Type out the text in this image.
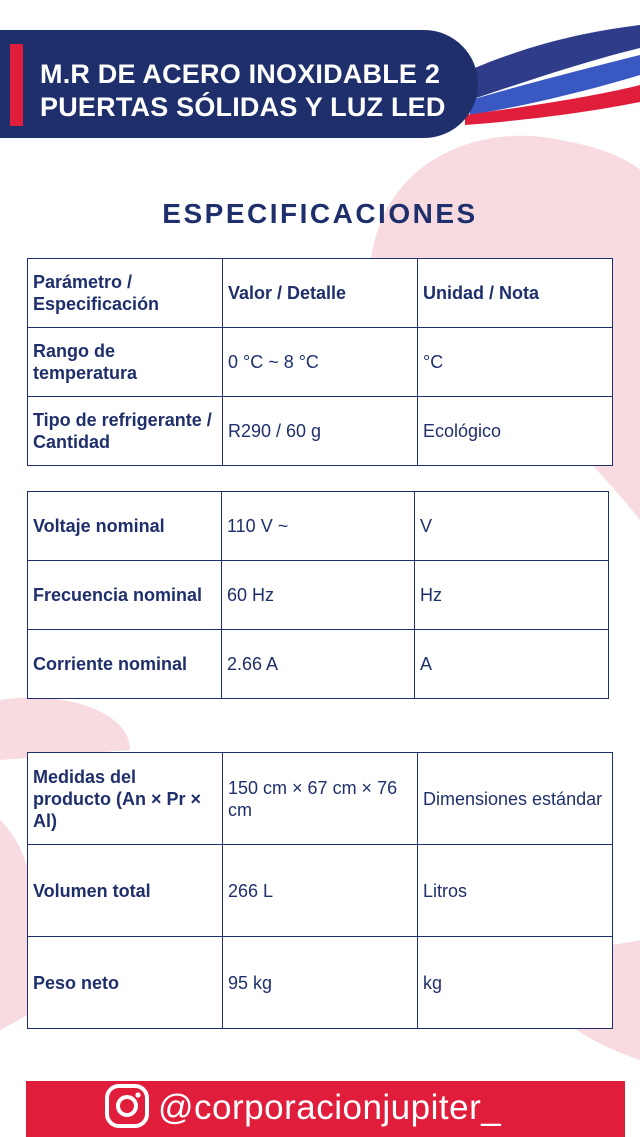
M.R DE ACERO INOXIDABLE 2
PUERTAS SÓLIDAS Y LUZ LED
ESPECIFICACIONES
Parámetro / Especificación	Valor / Detalle	Unidad / Nota
Rango de temperatura	0 °C ~ 8 °C	°C
Tipo de refrigerante / Cantidad	R290 / 60 g	Ecológico
Voltaje nominal	110 V ~	V
Frecuencia nominal	60 Hz	Hz
Corriente nominal	2.66 A	A
Medidas del producto (An × Pr × Al)	150 cm × 67 cm × 76 cm	Dimensiones estándar
Volumen total	266 L	Litros
Peso neto	95 kg	kg
@corporacionjupiter_
